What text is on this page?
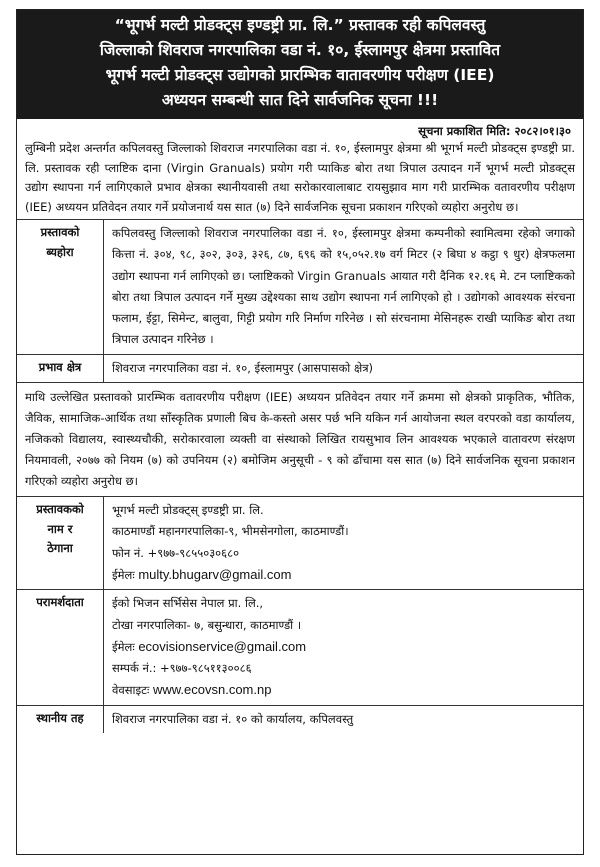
“भूगर्भ मल्टी प्रोडक्ट्स इण्डष्ट्री प्रा. लि.” प्रस्तावक रही कपिलवस्तु
जिल्लाको शिवराज नगरपालिका वडा नं. १०, ईस्लामपुर क्षेत्रमा प्रस्तावित
भूगर्भ मल्टी प्रोडक्ट्स उद्योगको प्रारम्भिक वातावरणीय परीक्षण (IEE)
अध्ययन सम्बन्धी सात दिने सार्वजनिक सूचना !!!
सूचना प्रकाशित मिति: २०८२।०१।३०
लुम्बिनी प्रदेश अन्तर्गत कपिलवस्तु जिल्लाको शिवराज नगरपालिका वडा नं. १०, ईस्लामपुर क्षेत्रमा श्री भूगर्भ मल्टी प्रोडक्ट्स इण्डष्ट्री प्रा. लि. प्रस्तावक रही प्लाष्टिक दाना (Virgin Granuals) प्रयोग गरी प्याकिङ बोरा तथा त्रिपाल उत्पादन गर्ने भूगर्भ मल्टी प्रोडक्ट्स उद्योग स्थापना गर्न लागिएकाले प्रभाव क्षेत्रका स्थानीयवासी तथा सरोकारवालाबाट रायसुझाव माग गरी प्रारम्भिक वतावरणीय परीक्षण (IEE) अध्ययन प्रतिवेदन तयार गर्ने प्रयोजनार्थ यस सात (७) दिने सार्वजनिक सूचना प्रकाशन गरिएको व्यहोरा अनुरोध छ।
प्रस्तावको
ब्यहोरा	कपिलवस्तु जिल्लाको शिवराज नगरपालिका वडा नं. १०, ईस्लामपुर क्षेत्रमा कम्पनीको स्वामित्वमा रहेको जगाको कित्ता नं. ३०४, ९८, ३०२, ३०३, ३२६, ८७, ६९६ को १५,०५२.१७ वर्ग मिटर (२ बिघा ४ कट्ठा ९ धुर) क्षेत्रफलमा उद्योग स्थापना गर्न लागिएको छ। प्लाष्टिकको Virgin Granuals आयात गरी दैनिक १२.१६ मे. टन प्लाष्टिकको बोरा तथा त्रिपाल उत्पादन गर्ने मुख्य उद्देश्यका साथ उद्योग स्थापना गर्न लागिएको हो । उद्योगको आवश्यक संरचना फलाम, ईट्टा, सिमेन्ट, बालुवा, गिट्टी प्रयोग गरि निर्माण गरिनेछ । सो संरचनामा मेसिनहरू राखी प्याकिङ बोरा तथा त्रिपाल उत्पादन गरिनेछ ।
प्रभाव क्षेत्र	शिवराज नगरपालिका वडा नं. १०, ईस्लामपुर (आसपासको क्षेत्र)
माथि उल्लेखित प्रस्तावको प्रारम्भिक वतावरणीय परीक्षण (IEE) अध्ययन प्रतिवेदन तयार गर्ने क्रममा सो क्षेत्रको प्राकृतिक, भौतिक, जैविक, सामाजिक-आर्थिक तथा साँस्कृतिक प्रणाली बिच के-कस्तो असर पर्छ भनि यकिन गर्न आयोजना स्थल वरपरको वडा कार्यालय, नजिकको विद्यालय, स्वास्थ्यचौकी, सरोकारवाला व्यक्ती वा संस्थाको लिखित रायसुभाव लिन आवश्यक भएकाले वातावरण संरक्षण नियमावली, २०७७ को नियम (७) को उपनियम (२) बमोजिम अनुसूची - ९ को ढाँचामा यस सात (७) दिने सार्वजनिक सूचना प्रकाशन गरिएको व्यहोरा अनुरोध छ।	

प्रस्तावकको
नाम र
ठेगाना	भूगर्भ मल्टी प्रोडक्ट्स् इण्डष्ट्री प्रा. लि.
काठमाण्डौं महानगरपालिका-९, भीमसेनगोला, काठमाण्डौं।
फोन नं. +९७७-९८५५०३०६८०
ईमेलः multy.bhugarv@gmail.com

परामर्शदाता	ईको भिजन सर्भिसेस नेपाल प्रा. लि.,
टोखा नगरपालिका- ७, बसुन्धारा, काठमाण्डौं ।
ईमेलः ecovisionservice@gmail.com
सम्पर्क नं.: +९७७-९८५११३००८६
वेवसाइटः www.ecovsn.com.np

स्थानीय तह	शिवराज नगरपालिका वडा नं. १० को कार्यालय, कपिलवस्तु
